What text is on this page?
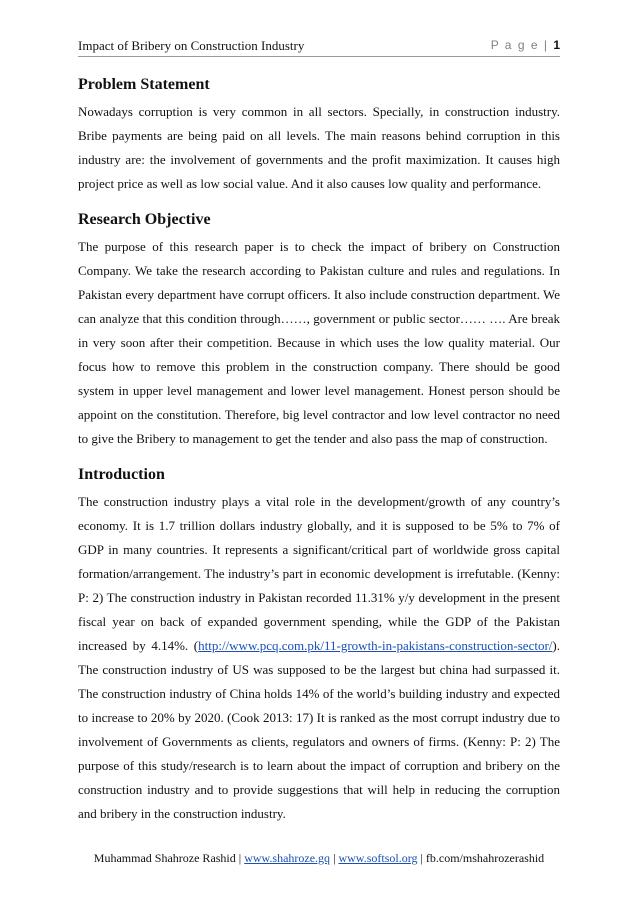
Impact of Bribery on Construction Industry	P a g e | 1
Problem Statement

Nowadays corruption is very common in all sectors. Specially, in construction industry. Bribe payments are being paid on all levels. The main reasons behind corruption in this industry are: the involvement of governments and the profit maximization. It causes high project price as well as low social value. And it also causes low quality and performance.

Research Objective

The purpose of this research paper is to check the impact of bribery on Construction Company. We take the research according to Pakistan culture and rules and regulations. In Pakistan every department have corrupt officers. It also include construction department. We can analyze that this condition through……, government or public sector…… …. Are break in very soon after their competition. Because in which uses the low quality material. Our focus how to remove this problem in the construction company. There should be good system in upper level management and lower level management. Honest person should be appoint on the constitution. Therefore, big level contractor and low level contractor no need to give the Bribery to management to get the tender and also pass the map of construction.

Introduction

The construction industry plays a vital role in the development/growth of any country’s economy. It is 1.7 trillion dollars industry globally, and it is supposed to be 5% to 7% of GDP in many countries. It represents a significant/critical part of worldwide gross capital formation/arrangement. The industry’s part in economic development is irrefutable. (Kenny: P: 2) The construction industry in Pakistan recorded 11.31% y/y development in the present fiscal year on back of expanded government spending, while the GDP of the Pakistan increased by 4.14%. (http://www.pcq.com.pk/11-growth-in-pakistans-construction-sector/). The construction industry of US was supposed to be the largest but china had surpassed it. The construction industry of China holds 14% of the world’s building industry and expected to increase to 20% by 2020. (Cook 2013: 17) It is ranked as the most corrupt industry due to involvement of Governments as clients, regulators and owners of firms. (Kenny: P: 2) The purpose of this study/research is to learn about the impact of corruption and bribery on the construction industry and to provide suggestions that will help in reducing the corruption and bribery in the construction industry.

Muhammad Shahroze Rashid | www.shahroze.gq | www.softsol.org | fb.com/mshahrozerashid
